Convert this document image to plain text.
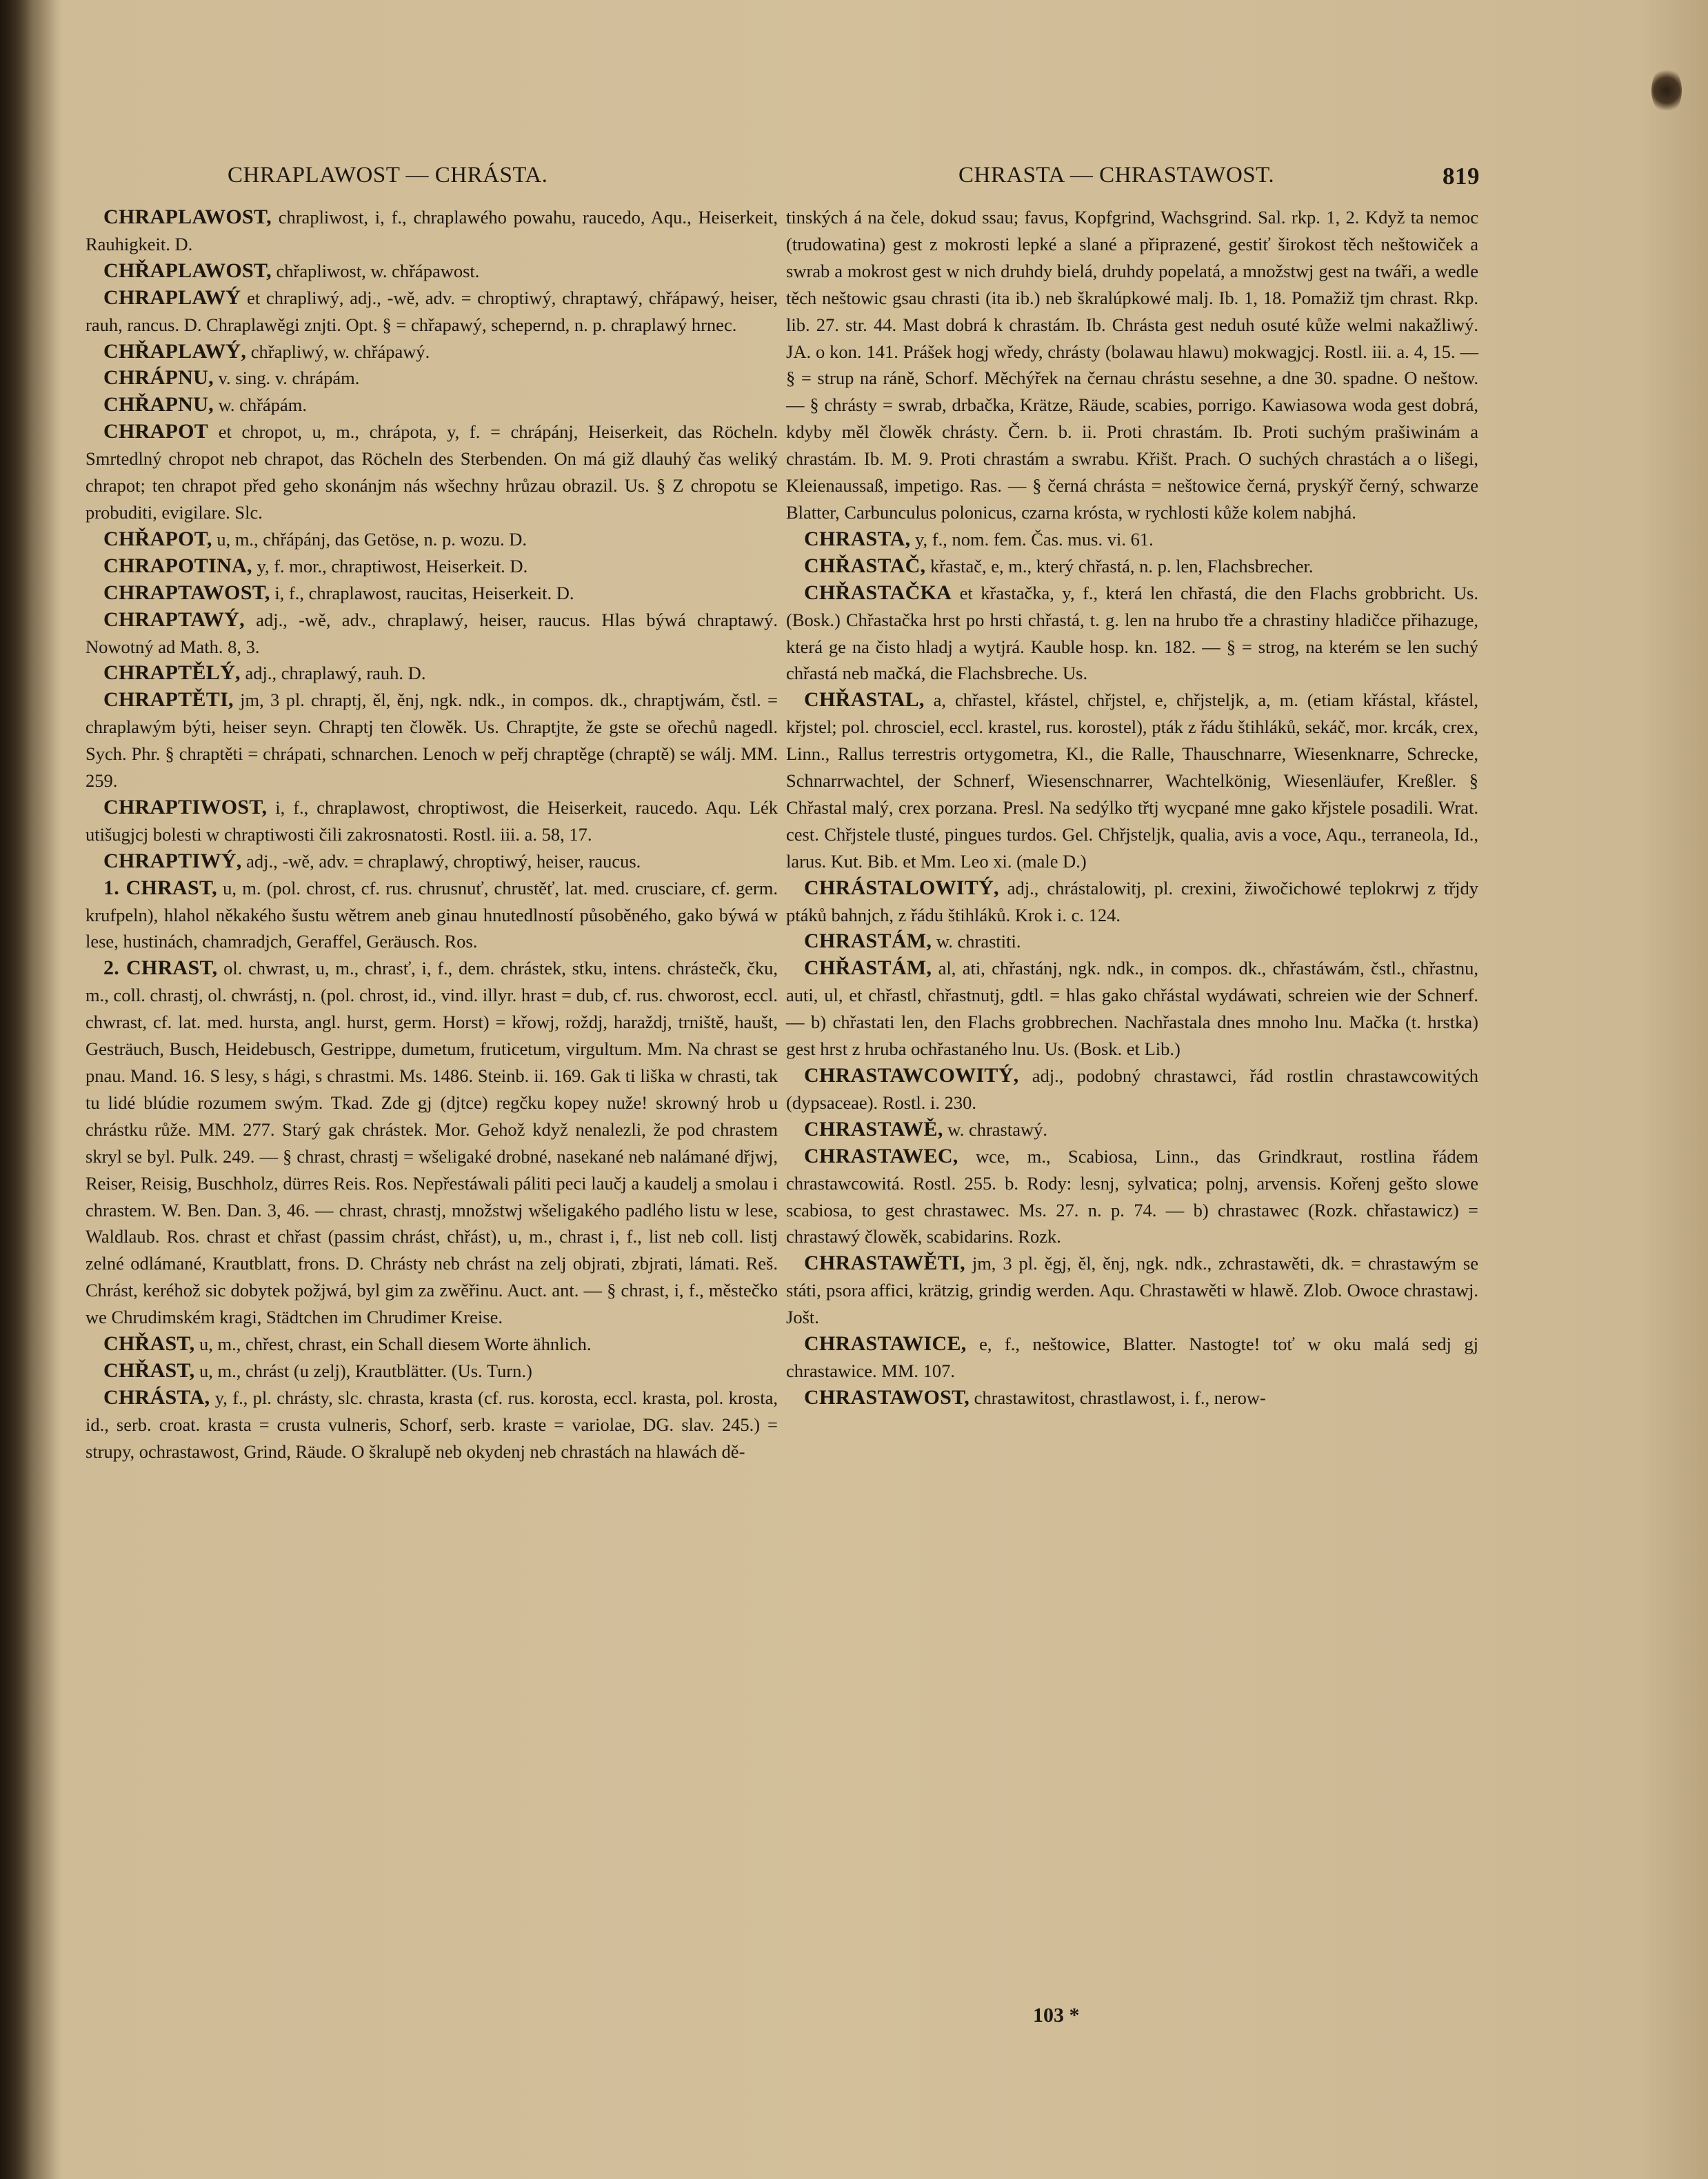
CHRAPLAWOST — CHRÁSTA.	CHRASTA — CHRASTAWOST.	819

CHRAPLAWOST, chrapliwost, i, f., chraplawého powahu, raucedo, Aqu., Heiserkeit, Rauhigkeit. D.

CHŘAPLAWOST, chřapliwost, w. chřápawost.

CHRAPLAWÝ et chrapliwý, adj., -wě, adv. = chroptiwý, chraptawý, chřápawý, heiser, rauh, rancus. D. Chraplawěgi znjti. Opt. § = chřapawý, schepernd, n. p. chraplawý hrnec.

CHŘAPLAWÝ, chřapliwý, w. chřápawý.

CHRÁPNU, v. sing. v. chrápám.

CHŘAPNU, w. chřápám.

CHRAPOT et chropot, u, m., chrápota, y, f. = chrápánj, Heiserkeit, das Röcheln. Smrtedlný chropot neb chrapot, das Röcheln des Sterbenden. On má giž dlauhý čas weliký chrapot; ten chrapot před geho skonánjm nás wšechny hrůzau obrazil. Us. § Z chropotu se probuditi, evigilare. Slc.

CHŘAPOT, u, m., chřápánj, das Getöse, n. p. wozu. D.

CHRAPOTINA, y, f. mor., chraptiwost, Heiserkeit. D.

CHRAPTAWOST, i, f., chraplawost, raucitas, Heiserkeit. D.

CHRAPTAWÝ, adj., -wě, adv., chraplawý, heiser, raucus. Hlas býwá chraptawý. Nowotný ad Math. 8, 3.

CHRAPTĚLÝ, adj., chraplawý, rauh. D.

CHRAPTĚTI, jm, 3 pl. chraptj, ěl, ěnj, ngk. ndk., in compos. dk., chraptjwám, čstl. = chraplawým býti, heiser seyn. Chraptj ten člowěk. Us. Chraptjte, že gste se ořechů nagedl. Sych. Phr. § chraptěti = chrápati, schnarchen. Lenoch w peřj chraptěge (chraptě) se wálj. MM. 259.

CHRAPTIWOST, i, f., chraplawost, chroptiwost, die Heiserkeit, raucedo. Aqu. Lék utišugjcj bolesti w chraptiwosti čili zakrosnatosti. Rostl. iii. a. 58, 17.

CHRAPTIWÝ, adj., -wě, adv. = chraplawý, chroptiwý, heiser, raucus.

1. CHRAST, u, m. (pol. chrost, cf. rus. chrusnuť, chrustěť, lat. med. crusciare, cf. germ. krufpeln), hlahol někakého šustu wětrem aneb ginau hnutedlností působěného, gako býwá w lese, hustinách, chamradjch, Geraffel, Geräusch. Ros.

2. CHRAST, ol. chwrast, u, m., chrasť, i, f., dem. chrástek, stku, intens. chrástečk, čku, m., coll. chrastj, ol. chwrástj, n. (pol. chrost, id., vind. illyr. hrast = dub, cf. rus. chworost, eccl. chwrast, cf. lat. med. hursta, angl. hurst, germ. Horst) = křowj, roždj, haraždj, trniště, haušt, Gesträuch, Busch, Heidebusch, Gestrippe, dumetum, fruticetum, virgultum. Mm. Na chrast se pnau. Mand. 16. S lesy, s hági, s chrastmi. Ms. 1486. Steinb. ii. 169. Gak ti liška w chrasti, tak tu lidé blúdie rozumem swým. Tkad. Zde gj (djtce) regčku kopey nuže! skrowný hrob u chrástku růže. MM. 277. Starý gak chrástek. Mor. Gehož když nenalezli, že pod chrastem skryl se byl. Pulk. 249. — § chrast, chrastj = wšeligaké drobné, nasekané neb nalámané dřjwj, Reiser, Reisig, Buschholz, dürres Reis. Ros. Nepřestáwali páliti peci laučj a kaudelj a smolau i chrastem. W. Ben. Dan. 3, 46. — chrast, chrastj, množstwj wšeligakého padlého listu w lese, Waldlaub. Ros. chrast et chřast (passim chrást, chřást), u, m., chrast i, f., list neb coll. listj zelné odlámané, Krautblatt, frons. D. Chrásty neb chrást na zelj objrati, zbjrati, lámati. Reš. Chrást, keréhož sic dobytek požjwá, byl gim za zwěřinu. Auct. ant. — § chrast, i, f., městečko we Chrudimském kragi, Städtchen im Chrudimer Kreise.

CHŘAST, u, m., chřest, chrast, ein Schall diesem Worte ähnlich.

CHŘAST, u, m., chrást (u zelj), Krautblätter. (Us. Turn.)

CHRÁSTA, y, f., pl. chrásty, slc. chrasta, krasta (cf. rus. korosta, eccl. krasta, pol. krosta, id., serb. croat. krasta = crusta vulneris, Schorf, serb. kraste = variolae, DG. slav. 245.) = strupy, ochrastawost, Grind, Räude. O škralupě neb okydenj neb chrastách na hlawách dě-

tinských á na čele, dokud ssau; favus, Kopfgrind, Wachsgrind. Sal. rkp. 1, 2. Když ta nemoc (trudowatina) gest z mokrosti lepké a slané a připrazené, gestiť širokost těch neštowiček a swrab a mokrost gest w nich druhdy bielá, druhdy popelatá, a množstwj gest na twáři, a wedle těch neštowic gsau chrasti (ita ib.) neb škralúpkowé malj. Ib. 1, 18. Pomažiž tjm chrast. Rkp. lib. 27. str. 44. Mast dobrá k chrastám. Ib. Chrásta gest neduh osuté kůže welmi nakažliwý. JA. o kon. 141. Prášek hogj wředy, chrásty (bolawau hlawu) mokwagjcj. Rostl. iii. a. 4, 15. — § = strup na ráně, Schorf. Měchýřek na černau chrástu sesehne, a dne 30. spadne. O neštow. — § chrásty = swrab, drbačka, Krätze, Räude, scabies, porrigo. Kawiasowa woda gest dobrá, kdyby měl člowěk chrásty. Čern. b. ii. Proti chrastám. Ib. Proti suchým prašiwinám a chrastám. Ib. M. 9. Proti chrastám a swrabu. Křišt. Prach. O suchých chrastách a o lišegi, Kleienaussaß, impetigo. Ras. — § černá chrásta = neštowice černá, pryskýř černý, schwarze Blatter, Carbunculus polonicus, czarna krósta, w rychlosti kůže kolem nabjhá.

CHRASTA, y, f., nom. fem. Čas. mus. vi. 61.

CHŘASTAČ, křastač, e, m., který chřastá, n. p. len, Flachsbrecher.

CHŘASTAČKA et křastačka, y, f., která len chřastá, die den Flachs grobbricht. Us. (Bosk.) Chřastačka hrst po hrsti chřastá, t. g. len na hrubo tře a chrastiny hladičce přihazuge, která ge na čisto hladj a wytjrá. Kauble hosp. kn. 182. — § = strog, na kterém se len suchý chřastá neb mačká, die Flachsbreche. Us.

CHŘASTAL, a, chřastel, křástel, chřjstel, e, chřjstelјk, a, m. (etiam křástal, křástel, křjstel; pol. chrosciel, eccl. krastel, rus. korostel), pták z řádu štihláků, sekáč, mor. krcák, crex, Linn., Rallus terrestris ortygometra, Kl., die Ralle, Thauschnarre, Wiesenknarre, Schrecke, Schnarrwachtel, der Schnerf, Wiesenschnarrer, Wachtelkönig, Wiesenläufer, Kreßler. § Chřastal malý, crex porzana. Presl. Na sedýlko třtj wycpané mne gako křjstele posadili. Wrat. cest. Chřjstele tlusté, pingues turdos. Gel. Chřjstelјk, qualia, avis a voce, Aqu., terraneola, Id., larus. Kut. Bib. et Mm. Leo xi. (male D.)

CHRÁSTALOWITÝ, adj., chrástalowitj, pl. crexini, žiwočichowé teplokrwj z třjdy ptáků bahnjch, z řádu štihláků. Krok i. c. 124.

CHRASTÁM, w. chrastiti.

CHŘASTÁM, al, ati, chřastánj, ngk. ndk., in compos. dk., chřastáwám, čstl., chřastnu, auti, ul, et chřastl, chřastnutj, gdtl. = hlas gako chřástal wydáwati, schreien wie der Schnerf. — b) chřastati len, den Flachs grobbrechen. Nachřastala dnes mnoho lnu. Mačka (t. hrstka) gest hrst z hruba ochřastaného lnu. Us. (Bosk. et Lib.)

CHRASTAWCOWITÝ, adj., podobný chrastawci, řád rostlin chrastawcowitých (dypsaceae). Rostl. i. 230.

CHRASTAWĚ, w. chrastawý.

CHRASTAWEC, wce, m., Scabiosa, Linn., das Grindkraut, rostlina řádem chrastawcowitá. Rostl. 255. b. Rody: lesnj, sylvatica; polnj, arvensis. Kořenj gešto slowe scabiosa, to gest chrastawec. Ms. 27. n. p. 74. — b) chrastawec (Rozk. chřastawicz) = chrastawý člowěk, scabidarins. Rozk.

CHRASTAWĚTI, jm, 3 pl. ěgj, ěl, ěnj, ngk. ndk., zchrastawěti, dk. = chrastawým se státi, psora affici, krätzig, grindig werden. Aqu. Chrastawěti w hlawě. Zlob. Owoce chrastawj. Jošt.

CHRASTAWICE, e, f., neštowice, Blatter. Nastogte! toť w oku malá sedj gj chrastawice. MM. 107.

CHRASTAWOST, chrastawitost, chrastlawost, i. f., nerow-

103 *
